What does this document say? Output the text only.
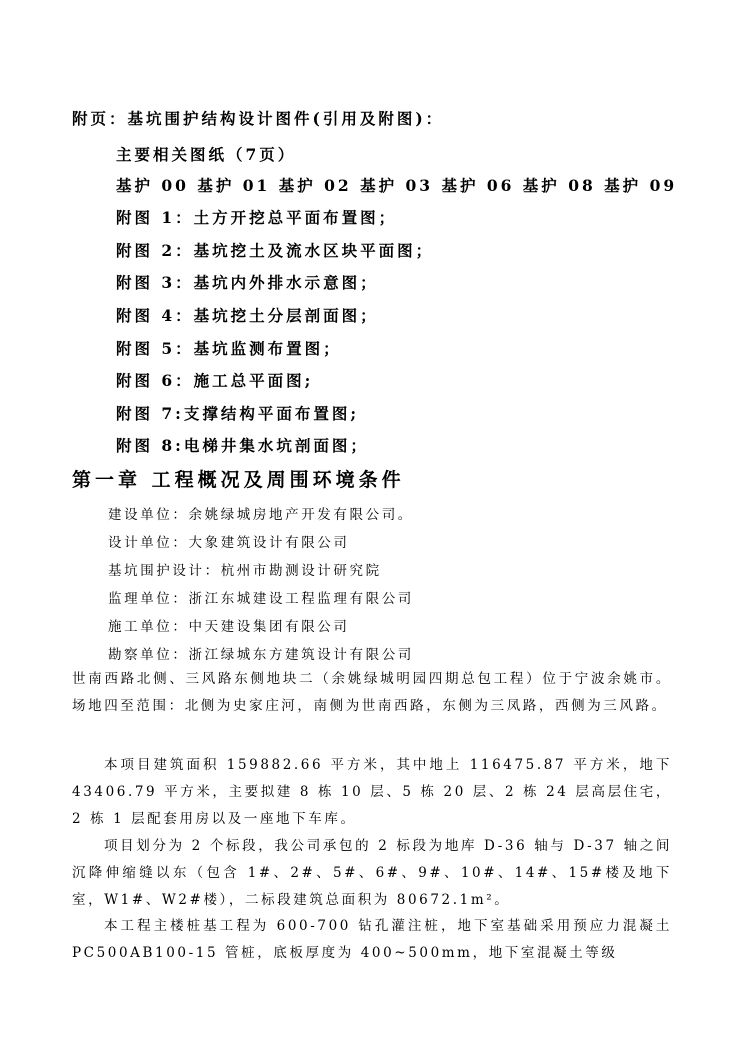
附页：基坑围护结构设计图件(引用及附图)：
主要相关图纸（7页）
基护 00 基护 01 基护 02 基护 03 基护 06 基护 08 基护 09
附图 1：土方开挖总平面布置图；
附图 2：基坑挖土及流水区块平面图；
附图 3：基坑内外排水示意图；
附图 4：基坑挖土分层剖面图；
附图 5：基坑监测布置图；
附图 6：施工总平面图;
附图 7:支撑结构平面布置图;
附图 8:电梯井集水坑剖面图；
第一章 工程概况及周围环境条件
建设单位：余姚绿城房地产开发有限公司。
设计单位：大象建筑设计有限公司
基坑围护设计：杭州市勘测设计研究院
监理单位：浙江东城建设工程监理有限公司
施工单位：中天建设集团有限公司
勘察单位：浙江绿城东方建筑设计有限公司
世南西路北侧、三风路东侧地块二（余姚绿城明园四期总包工程）位于宁波余姚市。场地四至范围：北侧为史家庄河，南侧为世南西路，东侧为三凤路，西侧为三风路。
本项目建筑面积 159882.66 平方米，其中地上 116475.87 平方米，地下 43406.79 平方米，主要拟建 8 栋 10 层、5 栋 20 层、2 栋 24 层高层住宅，2 栋 1 层配套用房以及一座地下车库。
项目划分为 2 个标段，我公司承包的 2 标段为地库 D-36 轴与 D-37 轴之间沉降伸缩缝以东（包含 1#、2#、5#、6#、9#、10#、14#、15#楼及地下室，W1#、W2#楼），二标段建筑总面积为 80672.1m²。
本工程主楼桩基工程为 600-700 钻孔灌注桩，地下室基础采用预应力混凝土 PC500AB100-15 管桩，底板厚度为 400~500mm，地下室混凝土等级
